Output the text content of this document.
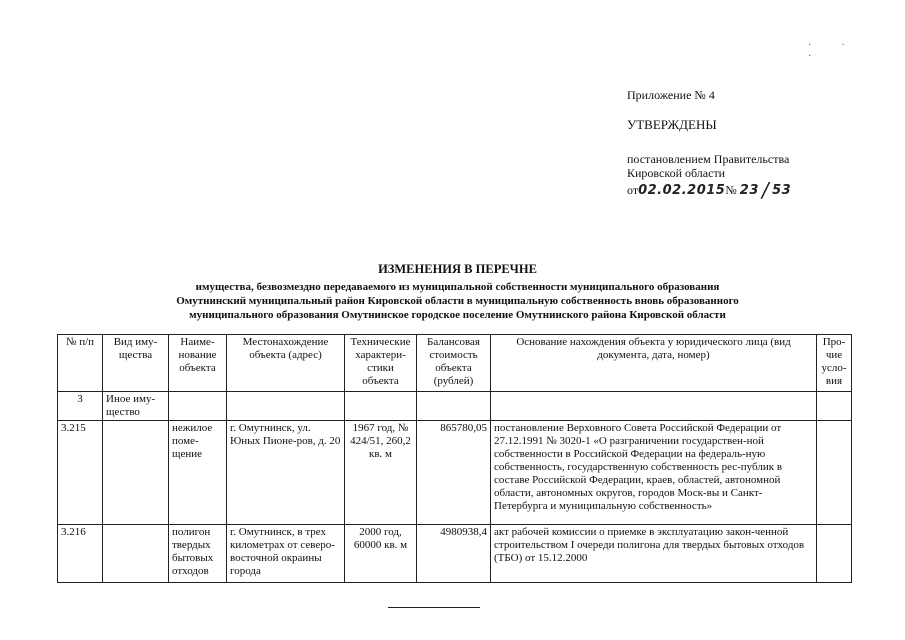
·· ·
Приложение № 4
УТВЕРЖДЕНЫ
постановлением Правительства
Кировской области
от02.02.2015№ 23 / 53
ИЗМЕНЕНИЯ В ПЕРЕЧНЕ
имущества, безвозмездно передаваемого из муниципальной собственности муниципального образования
Омутнинский муниципальный район Кировской области в муниципальную собственность вновь образованного
муниципального образования Омутнинское городское поселение Омутнинского района Кировской области
№ п/п	Вид иму-щества	Наиме-нование объекта	Местонахождение объекта (адрес)	Технические характери-стики объекта	Балансовая стоимость объекта (рублей)	Основание нахождения объекта у юридического лица (вид документа, дата, номер)	Про-чие усло-вия
3	Иное иму-щество						
3.215		нежилое поме-щение	г. Омутнинск, ул. Юных Пионе-ров, д. 20	1967 год, № 424/51, 260,2 кв. м	865780,05	постановление Верховного Совета Российской Федерации от 27.12.1991 № 3020-1 «О разграничении государствен-ной собственности в Российской Федерации на федераль-ную собственность, государственную собственность рес-публик в составе Российской Федерации, краев, областей, автономной области, автономных округов, городов Моск-вы и Санкт-Петербурга и муниципальную собственность»	
3.216		полигон твердых бытовых отходов	г. Омутнинск, в трех километрах от северо-восточной окраины города	2000 год, 60000 кв. м	4980938,4	акт рабочей комиссии о приемке в эксплуатацию закон-ченной строительством I очереди полигона для твердых бытовых отходов (ТБО) от 15.12.2000	
